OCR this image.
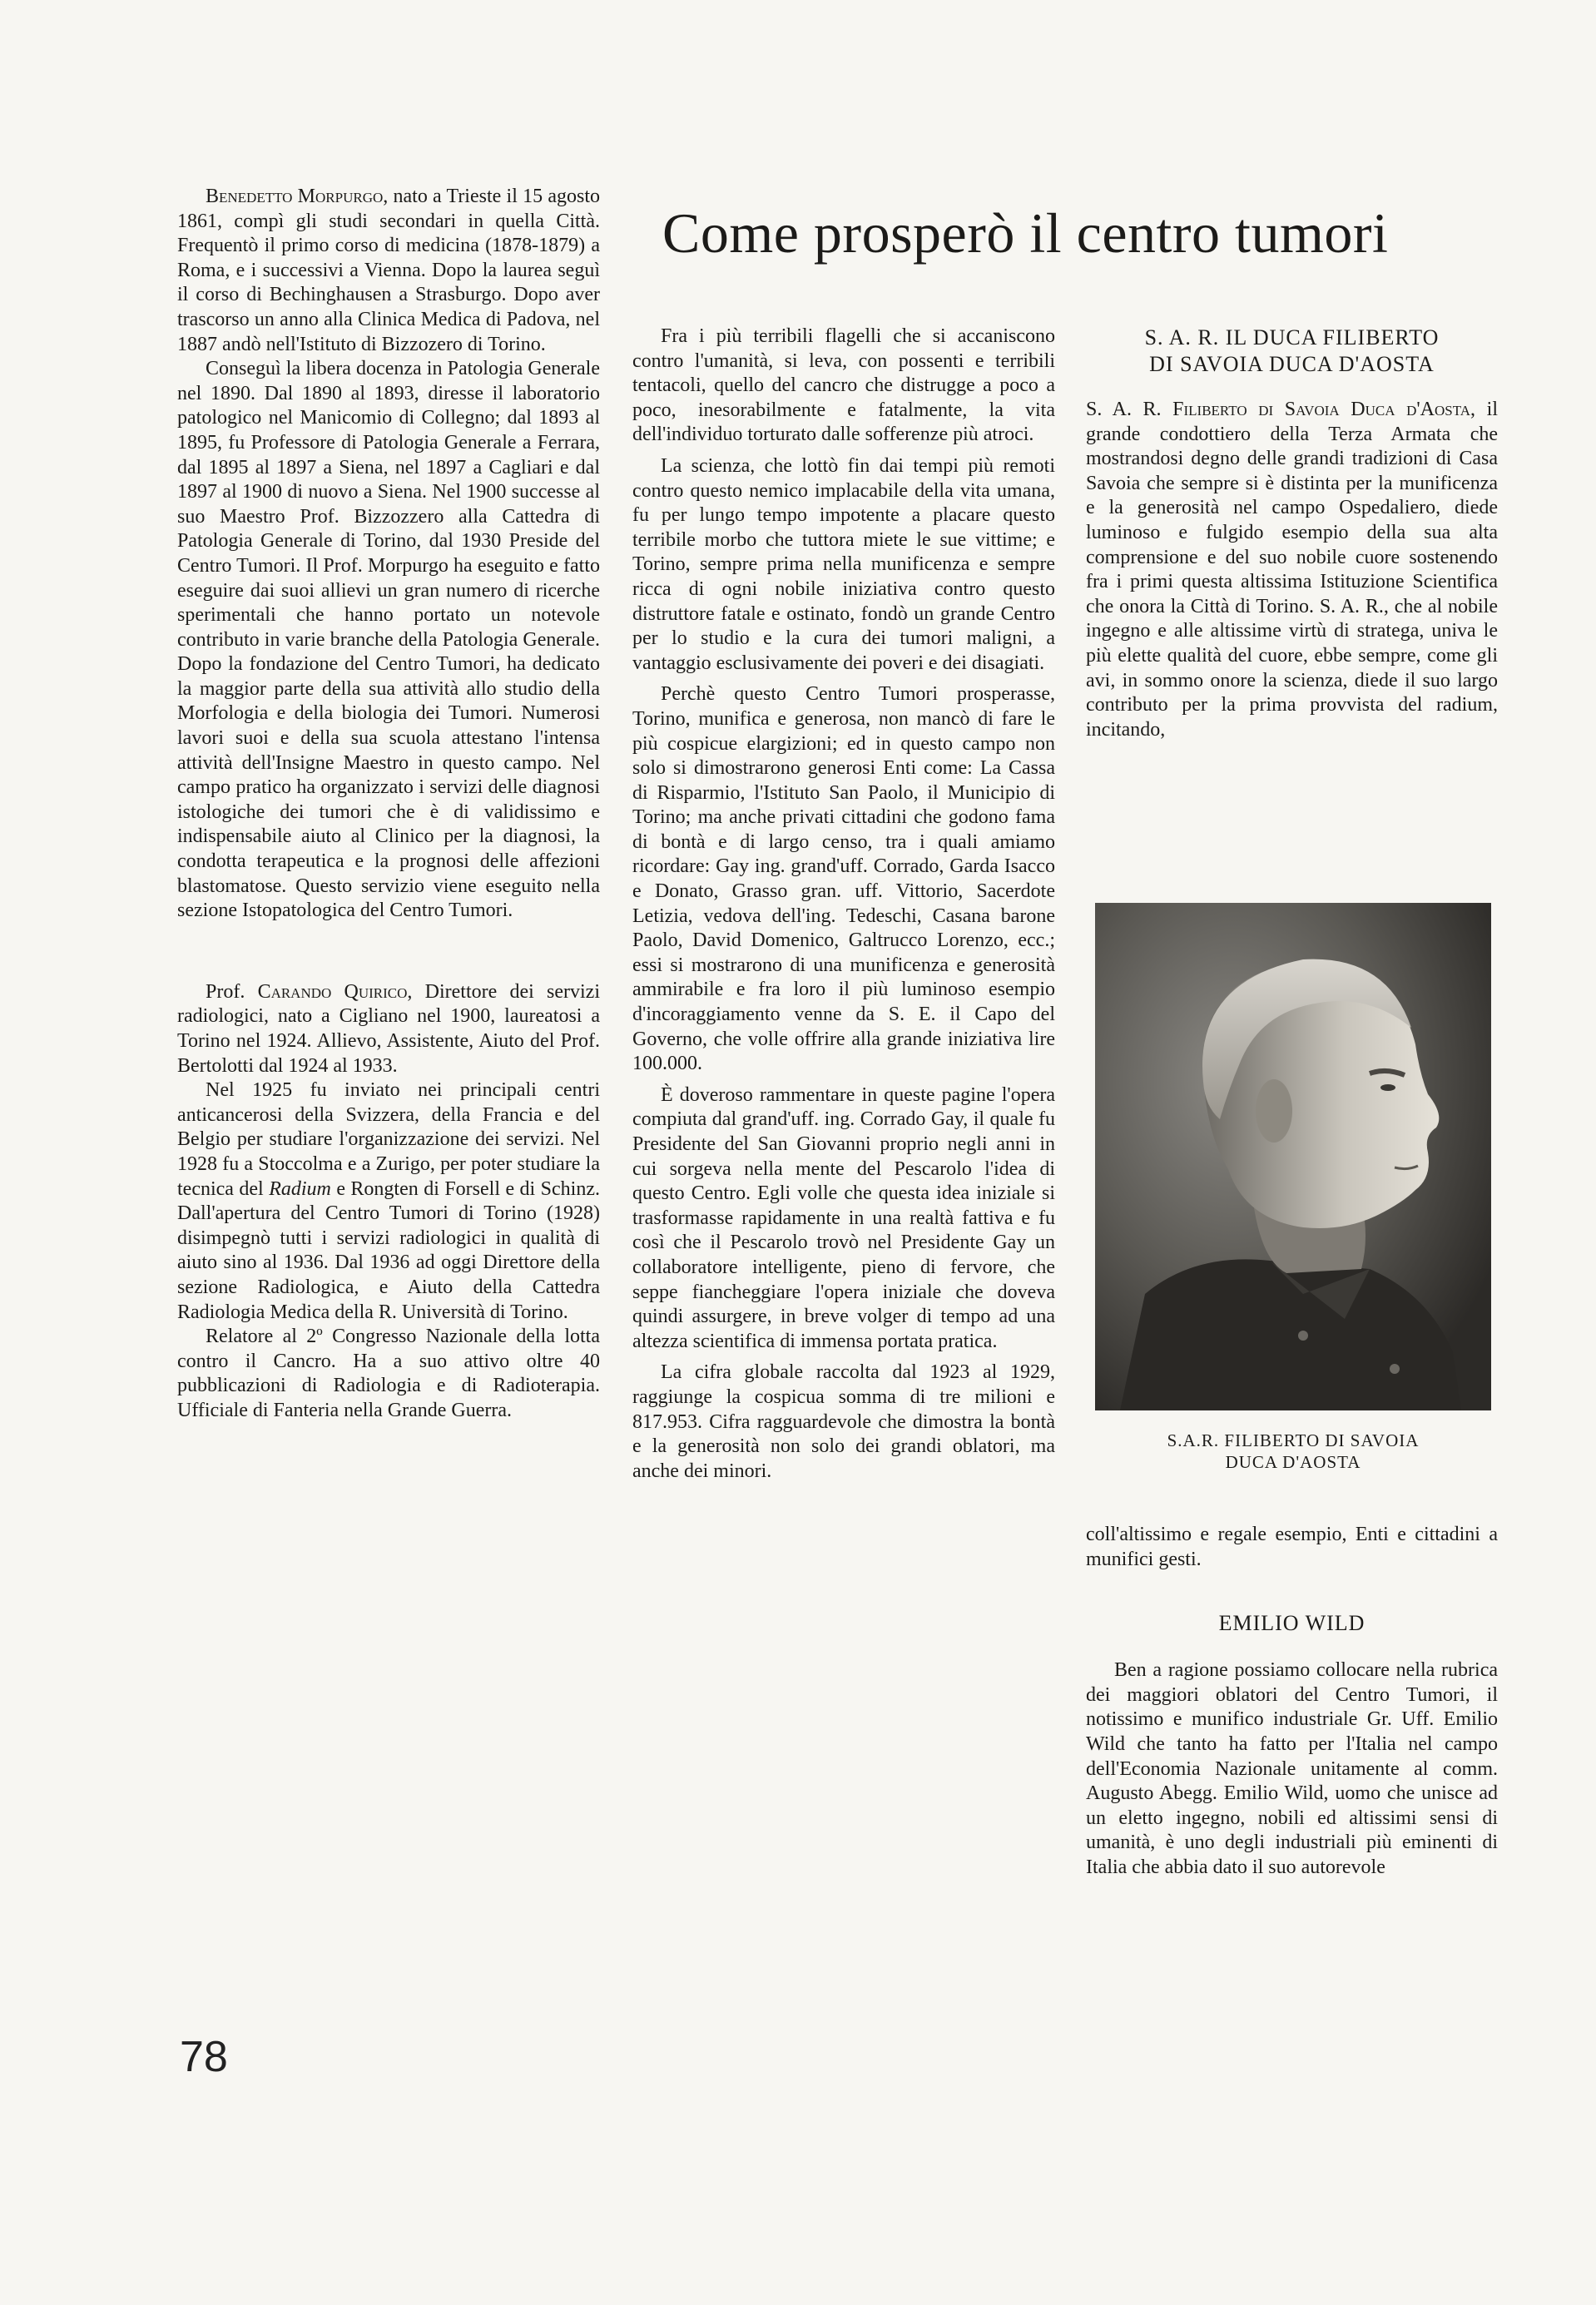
Benedetto Morpurgo, nato a Trieste il 15 agosto 1861, compì gli studi secondari in quella Città. Frequentò il primo corso di medicina (1878-1879) a Roma, e i successivi a Vienna. Dopo la laurea seguì il corso di Bechinghausen a Strasburgo. Dopo aver trascorso un anno alla Clinica Medica di Padova, nel 1887 andò nell'Istituto di Bizzozero di Torino.

Conseguì la libera docenza in Patologia Generale nel 1890. Dal 1890 al 1893, diresse il laboratorio patologico nel Manicomio di Collegno; dal 1893 al 1895, fu Professore di Patologia Generale a Ferrara, dal 1895 al 1897 a Siena, nel 1897 a Cagliari e dal 1897 al 1900 di nuovo a Siena. Nel 1900 successe al suo Maestro Prof. Bizzozzero alla Cattedra di Patologia Generale di Torino, dal 1930 Preside del Centro Tumori. Il Prof. Morpurgo ha eseguito e fatto eseguire dai suoi allievi un gran numero di ricerche sperimentali che hanno portato un notevole contributo in varie branche della Patologia Generale. Dopo la fondazione del Centro Tumori, ha dedicato la maggior parte della sua attività allo studio della Morfologia e della biologia dei Tumori. Numerosi lavori suoi e della sua scuola attestano l'intensa attività dell'Insigne Maestro in questo campo. Nel campo pratico ha organizzato i servizi delle diagnosi istologiche dei tumori che è di validissimo e indispensabile aiuto al Clinico per la diagnosi, la condotta terapeutica e la prognosi delle affezioni blastomatose. Questo servizio viene eseguito nella sezione Istopatologica del Centro Tumori.

Prof. Carando Quirico, Direttore dei servizi radiologici, nato a Cigliano nel 1900, laureatosi a Torino nel 1924. Allievo, Assistente, Aiuto del Prof. Bertolotti dal 1924 al 1933.

Nel 1925 fu inviato nei principali centri anticancerosi della Svizzera, della Francia e del Belgio per studiare l'organizzazione dei servizi. Nel 1928 fu a Stoccolma e a Zurigo, per poter studiare la tecnica del Radium e Rongten di Forsell e di Schinz. Dall'apertura del Centro Tumori di Torino (1928) disimpegnò tutti i servizi radiologici in qualità di aiuto sino al 1936. Dal 1936 ad oggi Direttore della sezione Radiologica, e Aiuto della Cattedra Radiologia Medica della R. Università di Torino.

Relatore al 2º Congresso Nazionale della lotta contro il Cancro. Ha a suo attivo oltre 40 pubblicazioni di Radiologia e di Radioterapia. Ufficiale di Fanteria nella Grande Guerra.

Come prosperò il centro tumori

Fra i più terribili flagelli che si accaniscono contro l'umanità, si leva, con possenti e terribili tentacoli, quello del cancro che distrugge a poco a poco, inesorabilmente e fatalmente, la vita dell'individuo torturato dalle sofferenze più atroci.

La scienza, che lottò fin dai tempi più remoti contro questo nemico implacabile della vita umana, fu per lungo tempo impotente a placare questo terribile morbo che tuttora miete le sue vittime; e Torino, sempre prima nella munificenza e sempre ricca di ogni nobile iniziativa contro questo distruttore fatale e ostinato, fondò un grande Centro per lo studio e la cura dei tumori maligni, a vantaggio esclusivamente dei poveri e dei disagiati.

Perchè questo Centro Tumori prosperasse, Torino, munifica e generosa, non mancò di fare le più cospicue elargizioni; ed in questo campo non solo si dimostrarono generosi Enti come: La Cassa di Risparmio, l'Istituto San Paolo, il Municipio di Torino; ma anche privati cittadini che godono fama di bontà e di largo censo, tra i quali amiamo ricordare: Gay ing. grand'uff. Corrado, Garda Isacco e Donato, Grasso gran. uff. Vittorio, Sacerdote Letizia, vedova dell'ing. Tedeschi, Casana barone Paolo, David Domenico, Galtrucco Lorenzo, ecc.; essi si mostrarono di una munificenza e generosità ammirabile e fra loro il più luminoso esempio d'incoraggiamento venne da S. E. il Capo del Governo, che volle offrire alla grande iniziativa lire 100.000.

È doveroso rammentare in queste pagine l'opera compiuta dal grand'uff. ing. Corrado Gay, il quale fu Presidente del San Giovanni proprio negli anni in cui sorgeva nella mente del Pescarolo l'idea di questo Centro. Egli volle che questa idea iniziale si trasformasse rapidamente in una realtà fattiva e fu così che il Pescarolo trovò nel Presidente Gay un collaboratore intelligente, pieno di fervore, che seppe fiancheggiare l'opera iniziale che doveva quindi assurgere, in breve volger di tempo ad una altezza scientifica di immensa portata pratica.

La cifra globale raccolta dal 1923 al 1929, raggiunge la cospicua somma di tre milioni e 817.953. Cifra ragguardevole che dimostra la bontà e la generosità non solo dei grandi oblatori, ma anche dei minori.

S. A. R. IL DUCA FILIBERTO
DI SAVOIA DUCA D'AOSTA

S. A. R. Filiberto di Savoia Duca d'Aosta, il grande condottiero della Terza Armata che mostrandosi degno delle grandi tradizioni di Casa Savoia che sempre si è distinta per la munificenza e la generosità nel campo Ospedaliero, diede luminoso e fulgido esempio della sua alta comprensione e del suo nobile cuore sostenendo fra i primi questa altissima Istituzione Scientifica che onora la Città di Torino. S. A. R., che al nobile ingegno e alle altissime virtù di stratega, univa le più elette qualità del cuore, ebbe sempre, come gli avi, in sommo onore la scienza, diede il suo largo contributo per la prima provvista del radium, incitando,

S.A.R. FILIBERTO DI SAVOIA
DUCA D'AOSTA

coll'altissimo e regale esempio, Enti e cittadini a munifici gesti.

EMILIO WILD

Ben a ragione possiamo collocare nella rubrica dei maggiori oblatori del Centro Tumori, il notissimo e munifico industriale Gr. Uff. Emilio Wild che tanto ha fatto per l'Italia nel campo dell'Economia Nazionale unitamente al comm. Augusto Abegg. Emilio Wild, uomo che unisce ad un eletto ingegno, nobili ed altissimi sensi di umanità, è uno degli industriali più eminenti di Italia che abbia dato il suo autorevole

78
